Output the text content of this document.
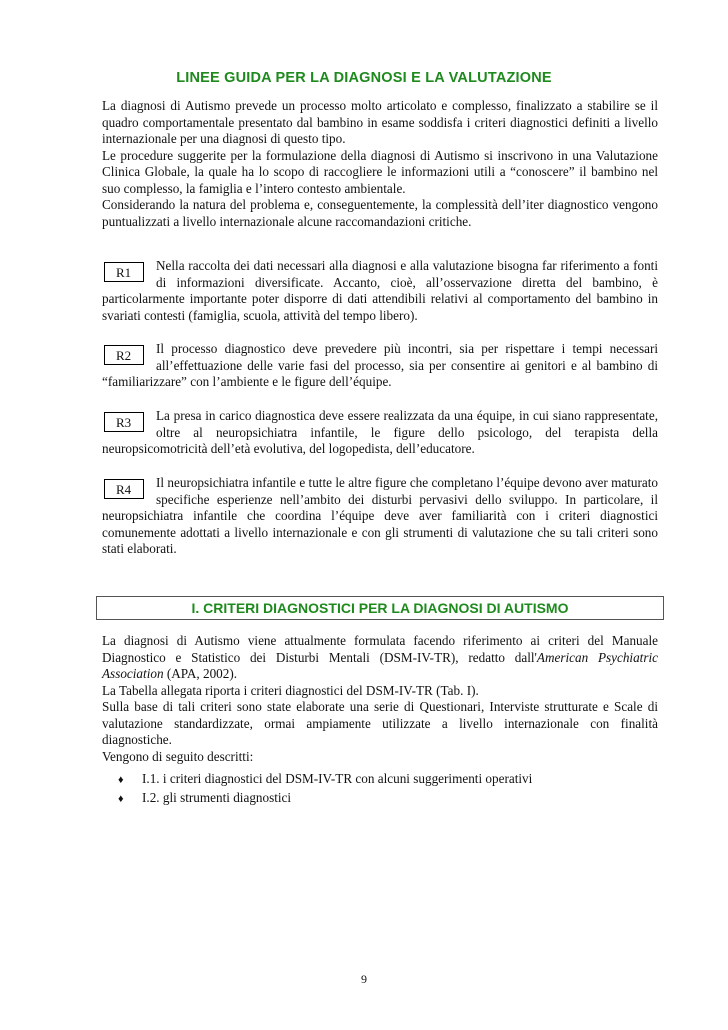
LINEE GUIDA PER LA DIAGNOSI E LA VALUTAZIONE
La diagnosi di Autismo prevede un processo molto articolato e complesso, finalizzato a stabilire se il quadro comportamentale presentato dal bambino in esame soddisfa i criteri diagnostici definiti a livello internazionale per una diagnosi di questo tipo.
Le procedure suggerite per la formulazione della diagnosi di Autismo si inscrivono in una Valutazione Clinica Globale, la quale ha lo scopo di raccogliere le informazioni utili a “conoscere” il bambino nel suo complesso, la famiglia e l’intero contesto ambientale.
Considerando la natura del problema e, conseguentemente, la complessità dell’iter diagnostico vengono puntualizzati a livello internazionale alcune raccomandazioni critiche.
R1	Nella raccolta dei dati necessari alla diagnosi e alla valutazione bisogna far riferimento a fonti di informazioni diversificate. Accanto, cioè, all’osservazione diretta del bambino, è particolarmente importante poter disporre di dati attendibili relativi al comportamento del bambino in svariati contesti (famiglia, scuola, attività del tempo libero).
R2	Il processo diagnostico deve prevedere più incontri, sia per rispettare i tempi necessari all’effettuazione delle varie fasi del processo, sia per consentire ai genitori e al bambino di “familiarizzare” con l’ambiente e le figure dell’équipe.
R3	La presa in carico diagnostica deve essere realizzata da una équipe, in cui siano rappresentate, oltre al neuropsichiatra infantile, le figure dello psicologo, del terapista della neuropsicomotricità dell’età evolutiva, del logopedista, dell’educatore.
R4	Il neuropsichiatra infantile e tutte le altre figure che completano l’équipe devono aver maturato specifiche esperienze nell’ambito dei disturbi pervasivi dello sviluppo. In particolare, il neuropsichiatra infantile che coordina l’équipe deve aver familiarità con i criteri diagnostici comunemente adottati a livello internazionale e con gli strumenti di valutazione che su tali criteri sono stati elaborati.
I. CRITERI DIAGNOSTICI PER LA DIAGNOSI DI AUTISMO
La diagnosi di Autismo viene attualmente formulata facendo riferimento ai criteri del Manuale Diagnostico e Statistico dei Disturbi Mentali (DSM-IV-TR), redatto dall'American Psychiatric Association (APA, 2002).
La Tabella allegata riporta i criteri diagnostici del DSM-IV-TR (Tab. I).
Sulla base di tali criteri sono state elaborate una serie di Questionari, Interviste strutturate e Scale di valutazione standardizzate, ormai ampiamente utilizzate a livello internazionale con finalità diagnostiche.
Vengono di seguito descritti:
♦ I.1. i criteri diagnostici del DSM-IV-TR con alcuni suggerimenti operativi
♦ I.2. gli strumenti diagnostici
9
